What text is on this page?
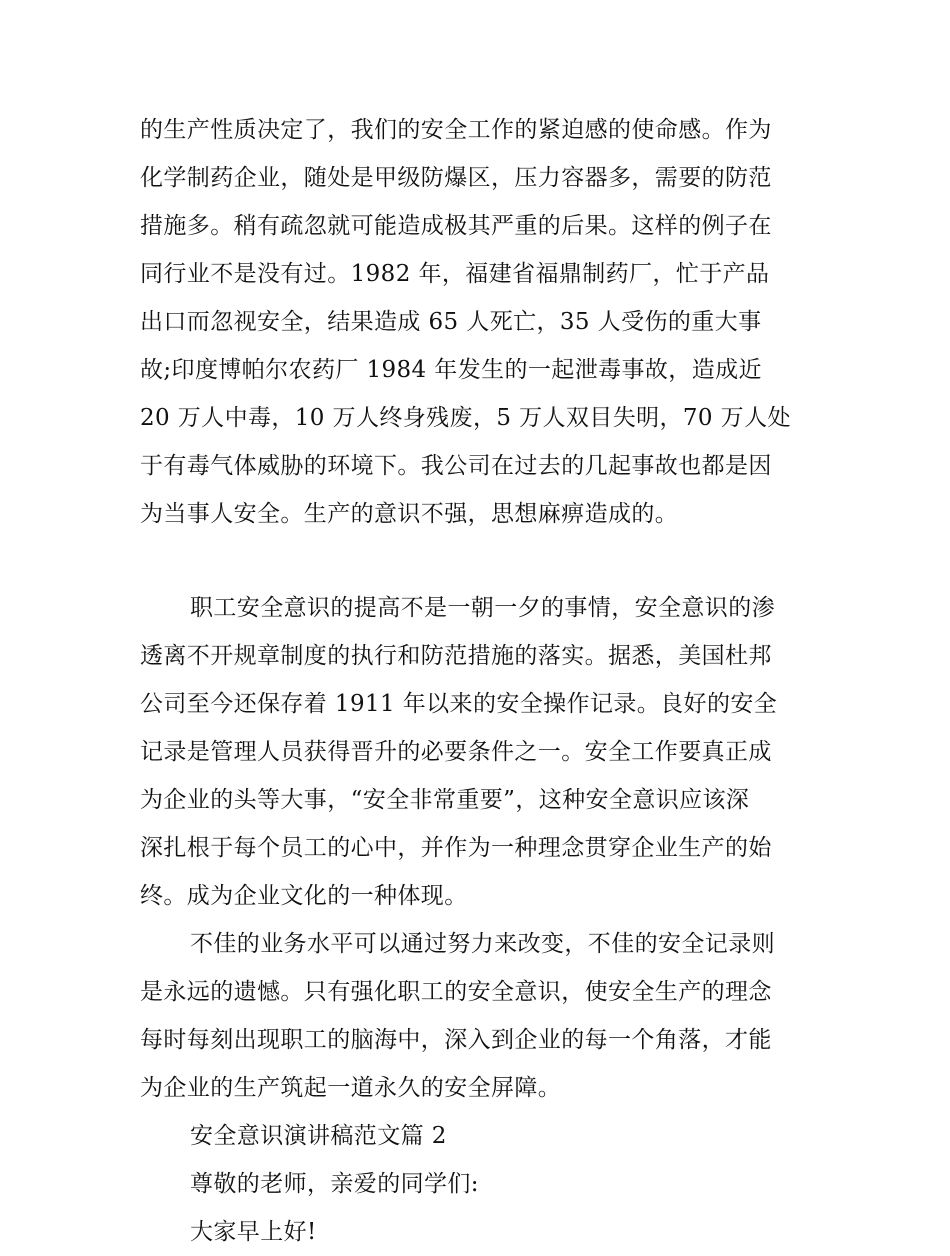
的生产性质决定了，我们的安全工作的紧迫感的使命感。作为
化学制药企业，随处是甲级防爆区，压力容器多，需要的防范
措施多。稍有疏忽就可能造成极其严重的后果。这样的例子在
同行业不是没有过。1982 年，福建省福鼎制药厂，忙于产品
出口而忽视安全，结果造成 65 人死亡，35 人受伤的重大事
故;印度博帕尔农药厂 1984 年发生的一起泄毒事故，造成近
20 万人中毒，10 万人终身残废，5 万人双目失明，70 万人处
于有毒气体威胁的环境下。我公司在过去的几起事故也都是因
为当事人安全。生产的意识不强，思想麻痹造成的。
职工安全意识的提高不是一朝一夕的事情，安全意识的渗
透离不开规章制度的执行和防范措施的落实。据悉，美国杜邦
公司至今还保存着 1911 年以来的安全操作记录。良好的安全
记录是管理人员获得晋升的必要条件之一。安全工作要真正成
为企业的头等大事，“安全非常重要”，这种安全意识应该深
深扎根于每个员工的心中，并作为一种理念贯穿企业生产的始
终。成为企业文化的一种体现。
不佳的业务水平可以通过努力来改变，不佳的安全记录则
是永远的遗憾。只有强化职工的安全意识，使安全生产的理念
每时每刻出现职工的脑海中，深入到企业的每一个角落，才能
为企业的生产筑起一道永久的安全屏障。
安全意识演讲稿范文篇 2
尊敬的老师，亲爱的同学们:
大家早上好!
